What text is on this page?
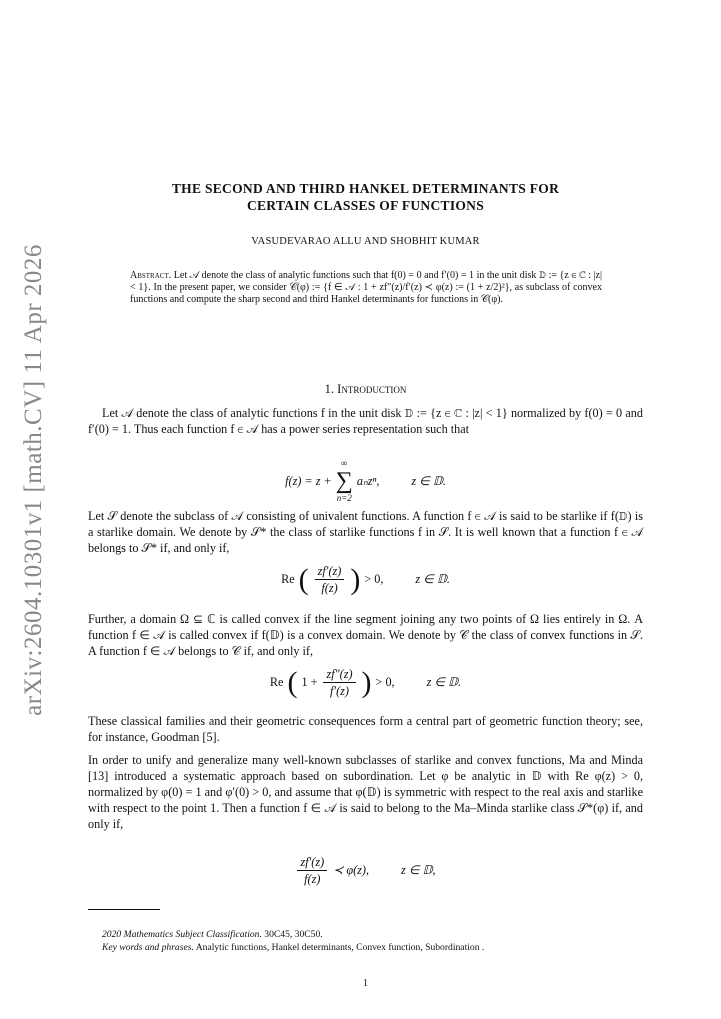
arXiv:2604.10301v1 [math.CV] 11 Apr 2026
THE SECOND AND THIRD HANKEL DETERMINANTS FOR
CERTAIN CLASSES OF FUNCTIONS
VASUDEVARAO ALLU AND SHOBHIT KUMAR
Abstract. Let 𝒜 denote the class of analytic functions such that f(0) = 0 and f′(0) = 1 in the unit disk 𝔻 := {z ∈ ℂ : |z| < 1}. In the present paper, we consider 𝒞(φ) := {f ∈ 𝒜 : 1 + zf″(z)/f′(z) ≺ φ(z) := (1 + z/2)²}, as subclass of convex functions and compute the sharp second and third Hankel determinants for functions in 𝒞(φ).
1. Introduction
Let 𝒜 denote the class of analytic functions f in the unit disk 𝔻 := {z ∈ ℂ : |z| < 1} normalized by f(0) = 0 and f′(0) = 1. Thus each function f ∈ 𝒜 has a power series representation such that
f(z) = z +
∞
∑
n=2
aₙzⁿ,	z ∈ 𝔻.
Let 𝒮 denote the subclass of 𝒜 consisting of univalent functions. A function f ∈ 𝒜 is said to be starlike if f(𝔻) is a starlike domain. We denote by 𝒮* the class of starlike functions f in 𝒮. It is well known that a function f ∈ 𝒜 belongs to 𝒮* if, and only if,
Re ( $\frac{zf'(z)}{f(z)}$ ) > 0,	z ∈ 𝔻.
Further, a domain Ω ⊆ ℂ is called convex if the line segment joining any two points of Ω lies entirely in Ω. A function f ∈ 𝒜 is called convex if f(𝔻) is a convex domain. We denote by 𝒞 the class of convex functions in 𝒮. A function f ∈ 𝒜 belongs to 𝒞 if, and only if,
Re ( $1 + \frac{zf''(z)}{f'(z)}$ ) > 0,	z ∈ 𝔻.
These classical families and their geometric consequences form a central part of geometric function theory; see, for instance, Goodman [5].
In order to unify and generalize many well-known subclasses of starlike and convex functions, Ma and Minda [13] introduced a systematic approach based on subordination. Let φ be analytic in 𝔻 with Re φ(z) > 0, normalized by φ(0) = 1 and φ′(0) > 0, and assume that φ(𝔻) is symmetric with respect to the real axis and starlike with respect to the point 1. Then a function f ∈ 𝒜 is said to belong to the Ma–Minda starlike class 𝒮*(φ) if, and only if,
$\frac{zf'(z)}{f(z)}$ ≺ φ(z),	z ∈ 𝔻,
2020 Mathematics Subject Classification. 30C45, 30C50.
Key words and phrases. Analytic functions, Hankel determinants, Convex function, Subordination .
1
